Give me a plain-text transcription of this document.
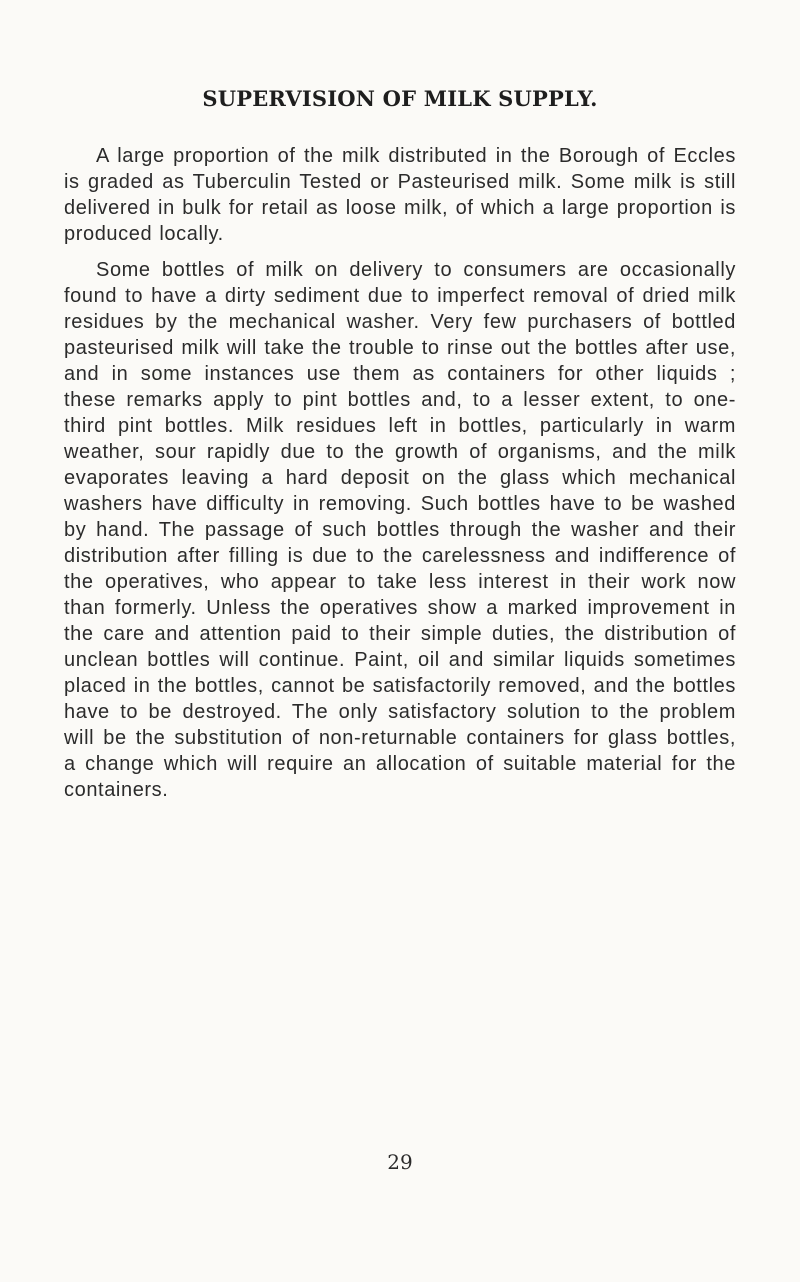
SUPERVISION OF MILK SUPPLY.

A large proportion of the milk distributed in the Borough of Eccles is graded as Tuberculin Tested or Pasteurised milk. Some milk is still delivered in bulk for retail as loose milk, of which a large proportion is produced locally.

Some bottles of milk on delivery to consumers are occasionally found to have a dirty sediment due to imperfect removal of dried milk residues by the mechanical washer. Very few purchasers of bottled pasteurised milk will take the trouble to rinse out the bottles after use, and in some instances use them as containers for other liquids ; these remarks apply to pint bottles and, to a lesser extent, to one-third pint bottles. Milk residues left in bottles, particularly in warm weather, sour rapidly due to the growth of organisms, and the milk evaporates leaving a hard deposit on the glass which mechanical washers have difficulty in removing. Such bottles have to be washed by hand. The passage of such bottles through the washer and their distribution after filling is due to the carelessness and indifference of the operatives, who appear to take less interest in their work now than formerly. Unless the operatives show a marked improvement in the care and attention paid to their simple duties, the distribution of unclean bottles will continue. Paint, oil and similar liquids sometimes placed in the bottles, cannot be satisfactorily removed, and the bottles have to be destroyed. The only satisfactory solution to the problem will be the substitution of non-returnable containers for glass bottles, a change which will require an allocation of suitable material for the containers.

29
